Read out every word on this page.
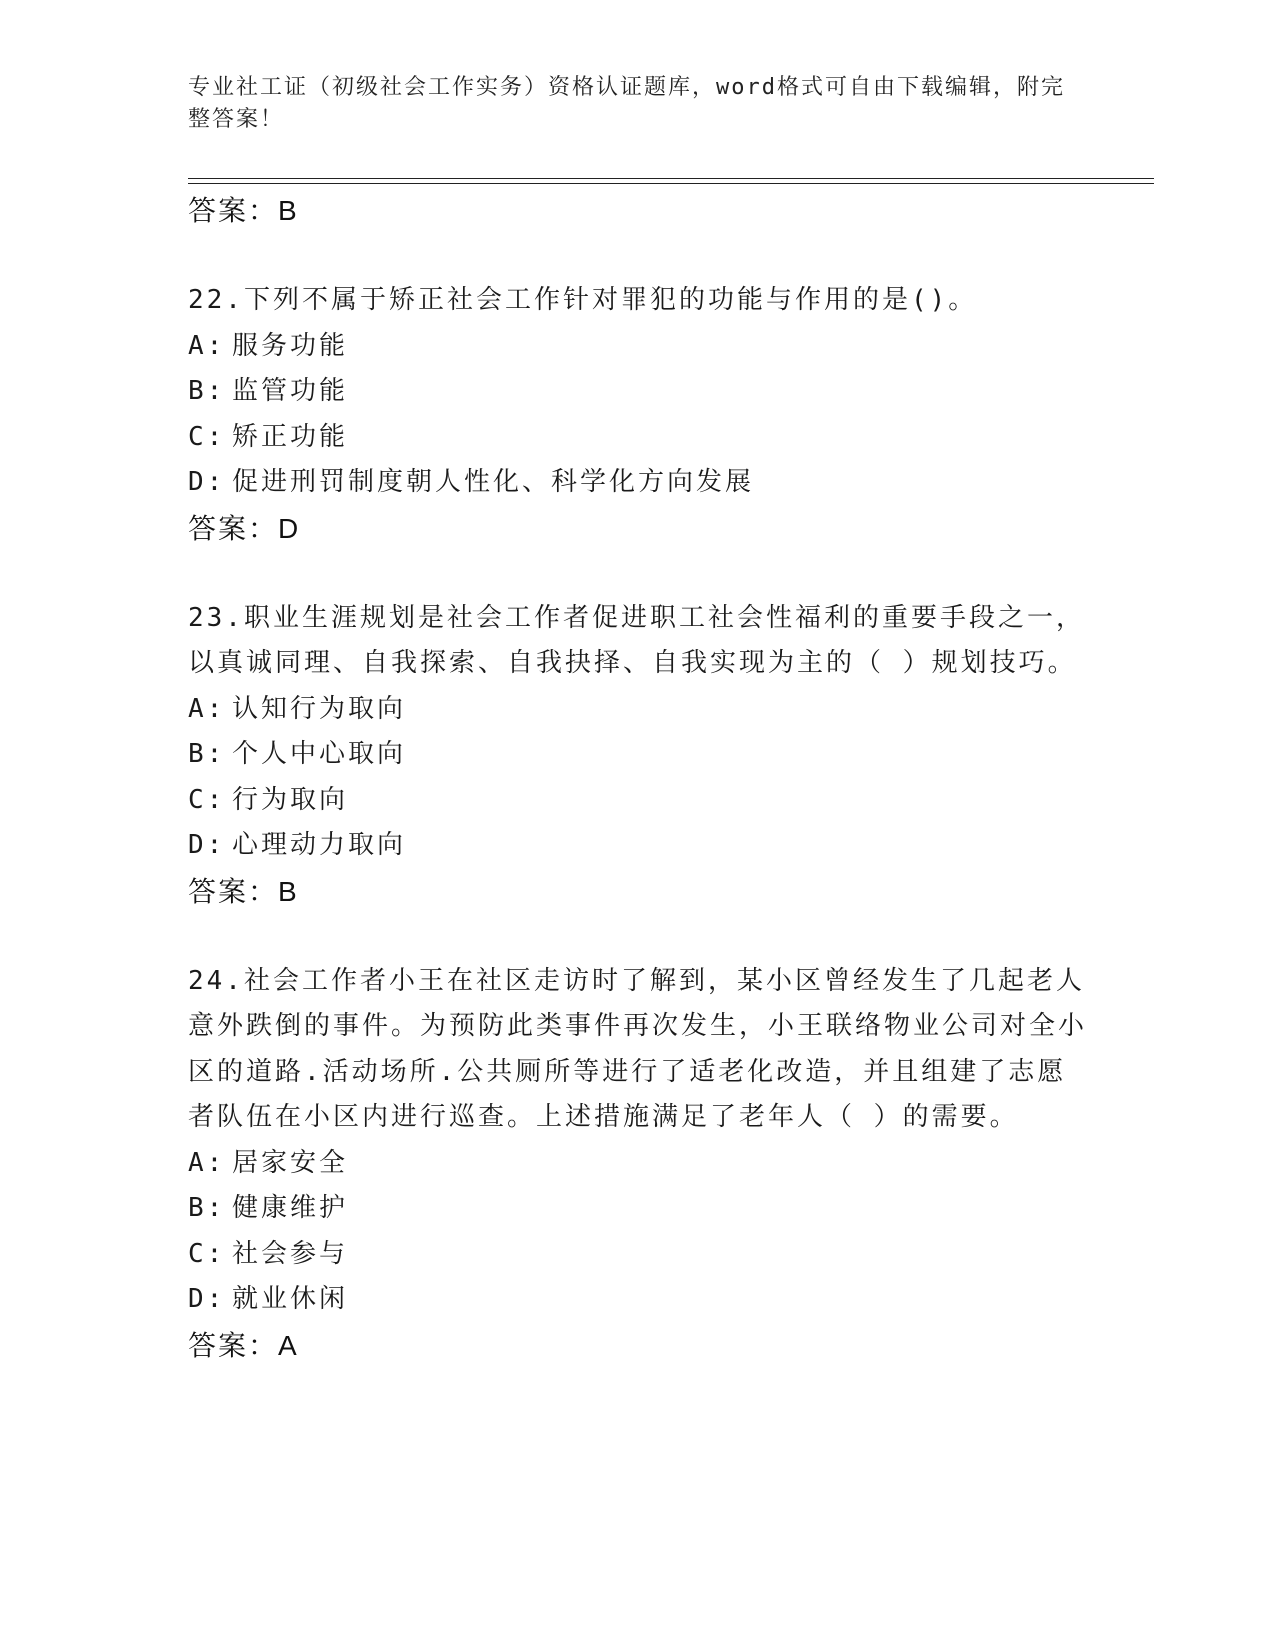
专业社工证（初级社会工作实务）资格认证题库，word格式可自由下载编辑，附完整答案！
答案：B
22.下列不属于矫正社会工作针对罪犯的功能与作用的是()。
A: 服务功能
B: 监管功能
C: 矫正功能
D: 促进刑罚制度朝人性化、科学化方向发展
答案：D
23.职业生涯规划是社会工作者促进职工社会性福利的重要手段之一，以真诚同理、自我探索、自我抉择、自我实现为主的（ ）规划技巧。
A: 认知行为取向
B: 个人中心取向
C: 行为取向
D: 心理动力取向
答案：B
24.社会工作者小王在社区走访时了解到，某小区曾经发生了几起老人意外跌倒的事件。为预防此类事件再次发生，小王联络物业公司对全小区的道路.活动场所.公共厕所等进行了适老化改造，并且组建了志愿者队伍在小区内进行巡查。上述措施满足了老年人（ ）的需要。
A: 居家安全
B: 健康维护
C: 社会参与
D: 就业休闲
答案：A
